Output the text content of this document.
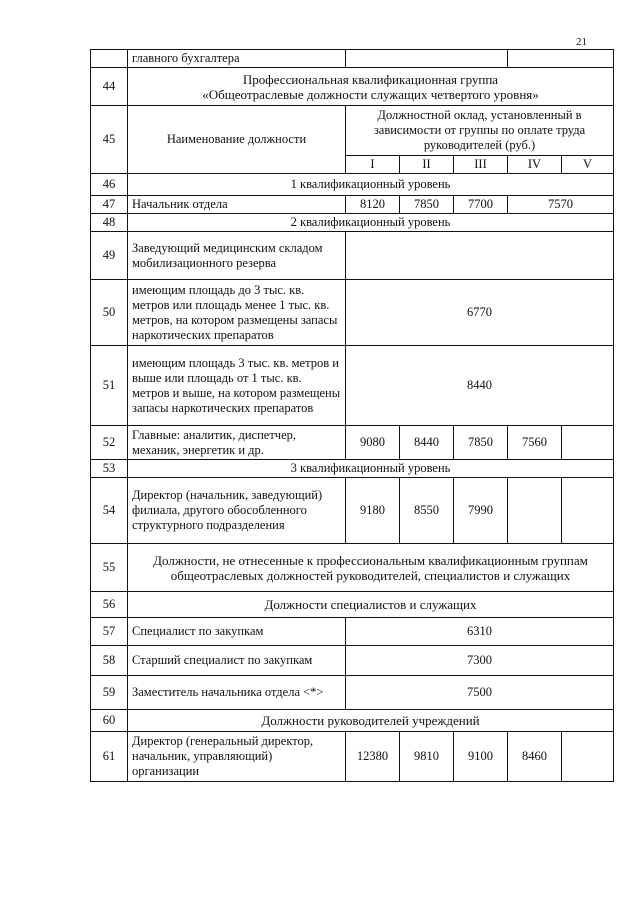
21
	главного бухгалтера					
44	Профессиональная квалификационная группа
«Общеотраслевые должности служащих четвертого уровня»					

45	Наименование должности	Должностной оклад, установленный в зависимости от группы по оплате труда руководителей (руб.)				
		I	II	III	IV	V
46	1 квалификационный уровень					
47	Начальник отдела	8120	7850	7700	7570	
48	2 квалификационный уровень					
49	Заведующий медицинским складом мобилизационного резерва					
50	имеющим площадь до 3 тыс. кв. метров или площадь менее 1 тыс. кв. метров, на котором размещены запасы наркотических препаратов	6770				
51	имеющим площадь 3 тыс. кв. метров и выше или площадь от 1 тыс. кв. метров и выше, на котором размещены запасы наркотических препаратов	8440				
52	Главные: аналитик, диспетчер, механик, энергетик и др.	9080	8440	7850	7560	
53	3 квалификационный уровень					
54	Директор (начальник, заведующий) филиала, другого обособленного структурного подразделения	9180	8550	7990		
55	Должности, не отнесенные к профессиональным квалификационным группам
общеотраслевых должностей руководителей, специалистов и служащих					

56	Должности специалистов и служащих					
57	Специалист по закупкам	6310				
58	Старший специалист по закупкам	7300				
59	Заместитель начальника отдела <*>	7500				
60	Должности руководителей учреждений					
61	Директор (генеральный директор, начальник, управляющий) организации	12380	9810	9100	8460	
